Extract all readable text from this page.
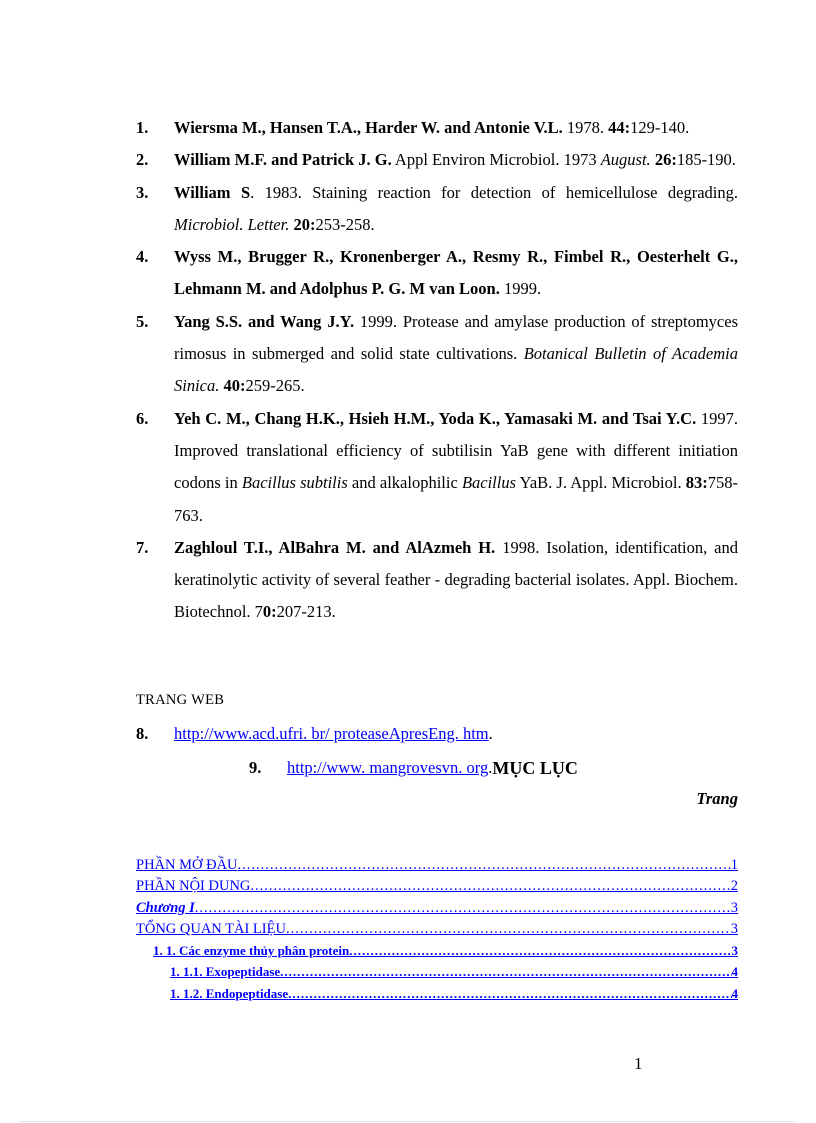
1.	Wiersma M., Hansen T.A., Harder W. and Antonie V.L. 1978. 44:129-140.
2.	William M.F. and Patrick J. G. Appl Environ Microbiol. 1973 August. 26:185-190.
3.	William S. 1983. Staining reaction for detection of hemicellulose degrading. Microbiol. Letter. 20:253-258.
4.	Wyss M., Brugger R., Kronenberger A., Resmy R., Fimbel R., Oesterhelt G., Lehmann M. and Adolphus P. G. M van Loon. 1999.
5.	Yang S.S. and Wang J.Y. 1999. Protease and amylase production of streptomyces rimosus in submerged and solid state cultivations. Botanical Bulletin of Academia Sinica. 40:259-265.
6.	Yeh C. M., Chang H.K., Hsieh H.M., Yoda K., Yamasaki M. and Tsai Y.C. 1997. Improved translational efficiency of subtilisin YaB gene with different initiation codons in Bacillus subtilis and alkalophilic Bacillus YaB. J. Appl. Microbiol. 83:758-763.
7.	Zaghloul T.I., AlBahra M. and AlAzmeh H. 1998. Isolation, identification, and keratinolytic activity of several feather - degrading bacterial isolates. Appl. Biochem. Biotechnol. 70:207-213.
TRANG WEB
8.	http://www.acd.ufri. br/ proteaseApresEng. htm .
9.	http://www. mangrovesvn. org . MỤC LỤC
Trang
PHẦN MỞ ĐẦU .....	1
PHẦN NỘI DUNG .....	2
Chương I .....	3
TỔNG QUAN TÀI LIỆU .....	3
1. 1. Các enzyme thủy phân protein .....	3
1. 1.1. Exopeptidase .....	4
1. 1.2. Endopeptidase .....	4
1
